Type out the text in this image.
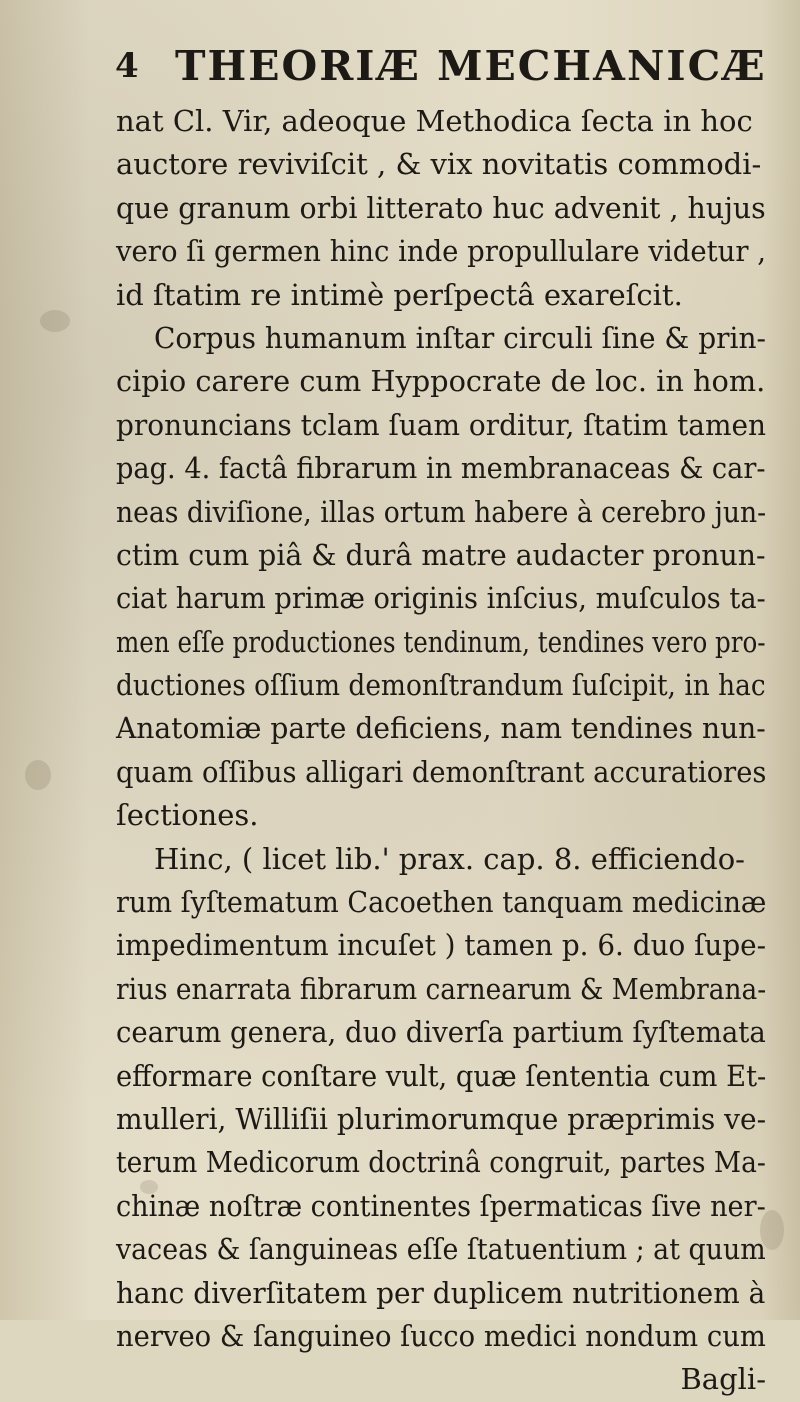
4 THEORIÆ MECHANICÆ
nat Cl. Vir, adeoque Methodica ſecta in hoc
auctore reviviſcit , & vix novitatis commodi-
que granum orbi litterato huc advenit , hujus
vero ſi germen hinc inde propullulare videtur ,
id ſtatim re intimè perſpectâ exareſcit.
Corpus humanum inſtar circuli ſine & prin-
cipio carere cum Hyppocrate de loc. in hom.
pronuncians tclam ſuam orditur, ſtatim tamen
pag. 4. factâ fibrarum in membranaceas & car-
neas diviſione, illas ortum habere à cerebro jun-
ctim cum piâ & durâ matre audacter pronun-
ciat harum primæ originis inſcius, muſculos ta-
men eſſe productiones tendinum, tendines vero pro-
ductiones oſſium demonſtrandum ſuſcipit, in hac
Anatomiæ parte deficiens, nam tendines nun-
quam oſſibus alligari demonſtrant accuratiores
ſectiones.
Hinc, ( licet lib.' prax. cap. 8. efficiendo-
rum ſyſtematum Cacoethen tanquam medicinæ
impedimentum incuſet ) tamen p. 6. duo ſupe-
rius enarrata fibrarum carnearum & Membrana-
cearum genera, duo diverſa partium ſyſtemata
efformare conſtare vult, quæ ſententia cum Et-
mulleri, Williſii plurimorumque præprimis ve-
terum Medicorum doctrinâ congruit, partes Ma-
chinæ noſtræ continentes ſpermaticas ſive ner-
vaceas & ſanguineas eſſe ſtatuentium ; at quum
hanc diverſitatem per duplicem nutritionem à
nerveo & ſanguineo ſucco medici nondum cum
Bagli-
